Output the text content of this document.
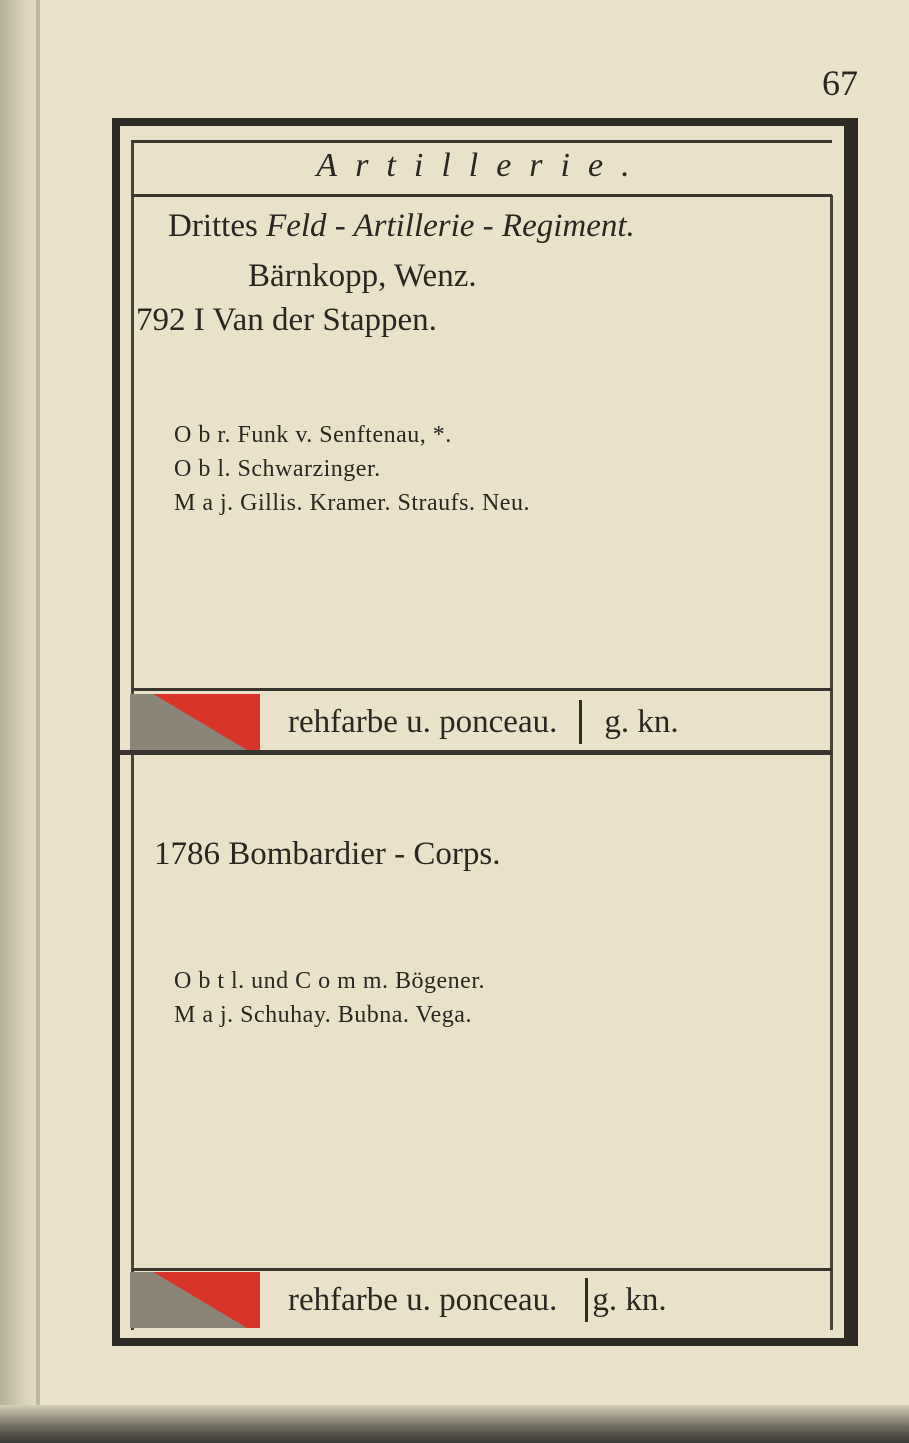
67
Artillerie.
Drittes Feld - Artillerie - Regiment.
Bärnkopp, Wenz.
792 I Van der Stappen.
O b r. Funk v. Senftenau, *.
O b l. Schwarzinger.
M a j. Gillis. Kramer. Straufs. Neu.
rehfarbe u. ponceau. g. kn.
1786 Bombardier - Corps.
O b t l. und C o m m. Bögener.
M a j. Schuhay. Bubna. Vega.
rehfarbe u. ponceau. g. kn.
